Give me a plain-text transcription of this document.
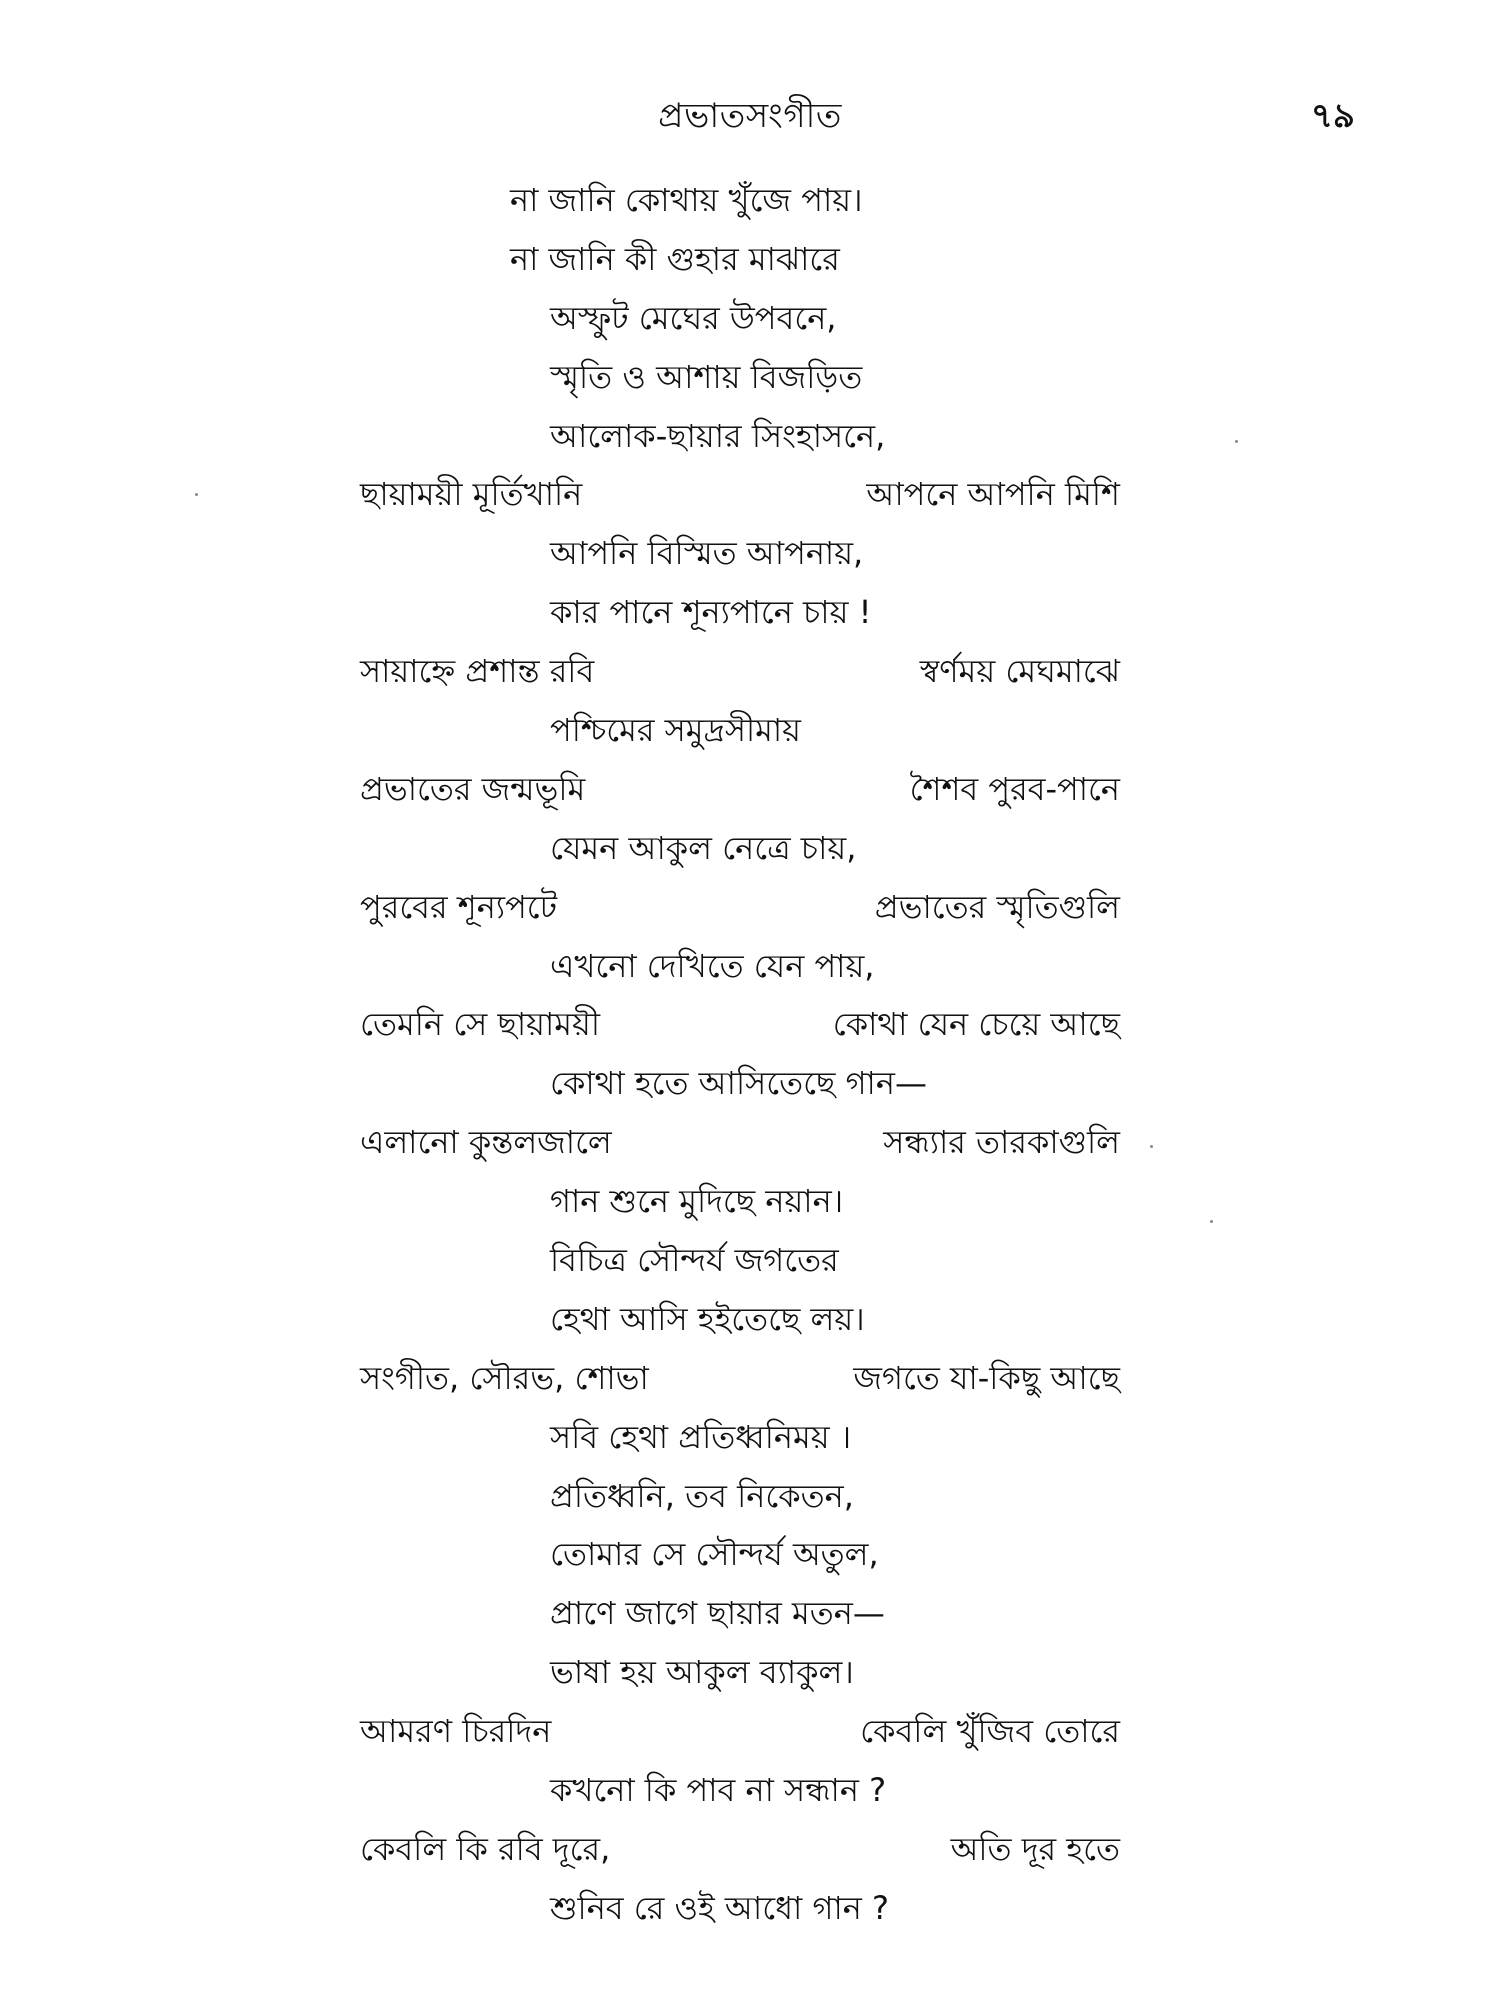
প্রভাতসংগীত	৭৯
না জানি কোথায় খুঁজে পায়।
না জানি কী গুহার মাঝারে
অস্ফুট মেঘের উপবনে,
স্মৃতি ও আশায় বিজড়িত
আলোক-ছায়ার সিংহাসনে,
ছায়াময়ী মূর্তিখানি	আপনে আপনি মিশি
আপনি বিস্মিত আপনায়,
কার পানে শূন্যপানে চায় !
সায়াহ্নে প্রশান্ত রবি	স্বর্ণময় মেঘমাঝে
পশ্চিমের সমুদ্রসীমায়
প্রভাতের জন্মভূমি	শৈশব পুরব-পানে
যেমন আকুল নেত্রে চায়,
পুরবের শূন্যপটে	প্রভাতের স্মৃতিগুলি
এখনো দেখিতে যেন পায়,
তেমনি সে ছায়াময়ী	কোথা যেন চেয়ে আছে
কোথা হতে আসিতেছে গান—
এলানো কুন্তলজালে	সন্ধ্যার তারকাগুলি
গান শুনে মুদিছে নয়ান।
বিচিত্র সৌন্দর্য জগতের
হেথা আসি হইতেছে লয়।
সংগীত, সৌরভ, শোভা	জগতে যা-কিছু আছে
সবি হেথা প্রতিধ্বনিময় ।
প্রতিধ্বনি, তব নিকেতন,
তোমার সে সৌন্দর্য অতুল,
প্রাণে জাগে ছায়ার মতন—
ভাষা হয় আকুল ব্যাকুল।
আমরণ চিরদিন	কেবলি খুঁজিব তোরে
কখনো কি পাব না সন্ধান ?
কেবলি কি রবি দূরে,	অতি দূর হতে
শুনিব রে ওই আধো গান ?
